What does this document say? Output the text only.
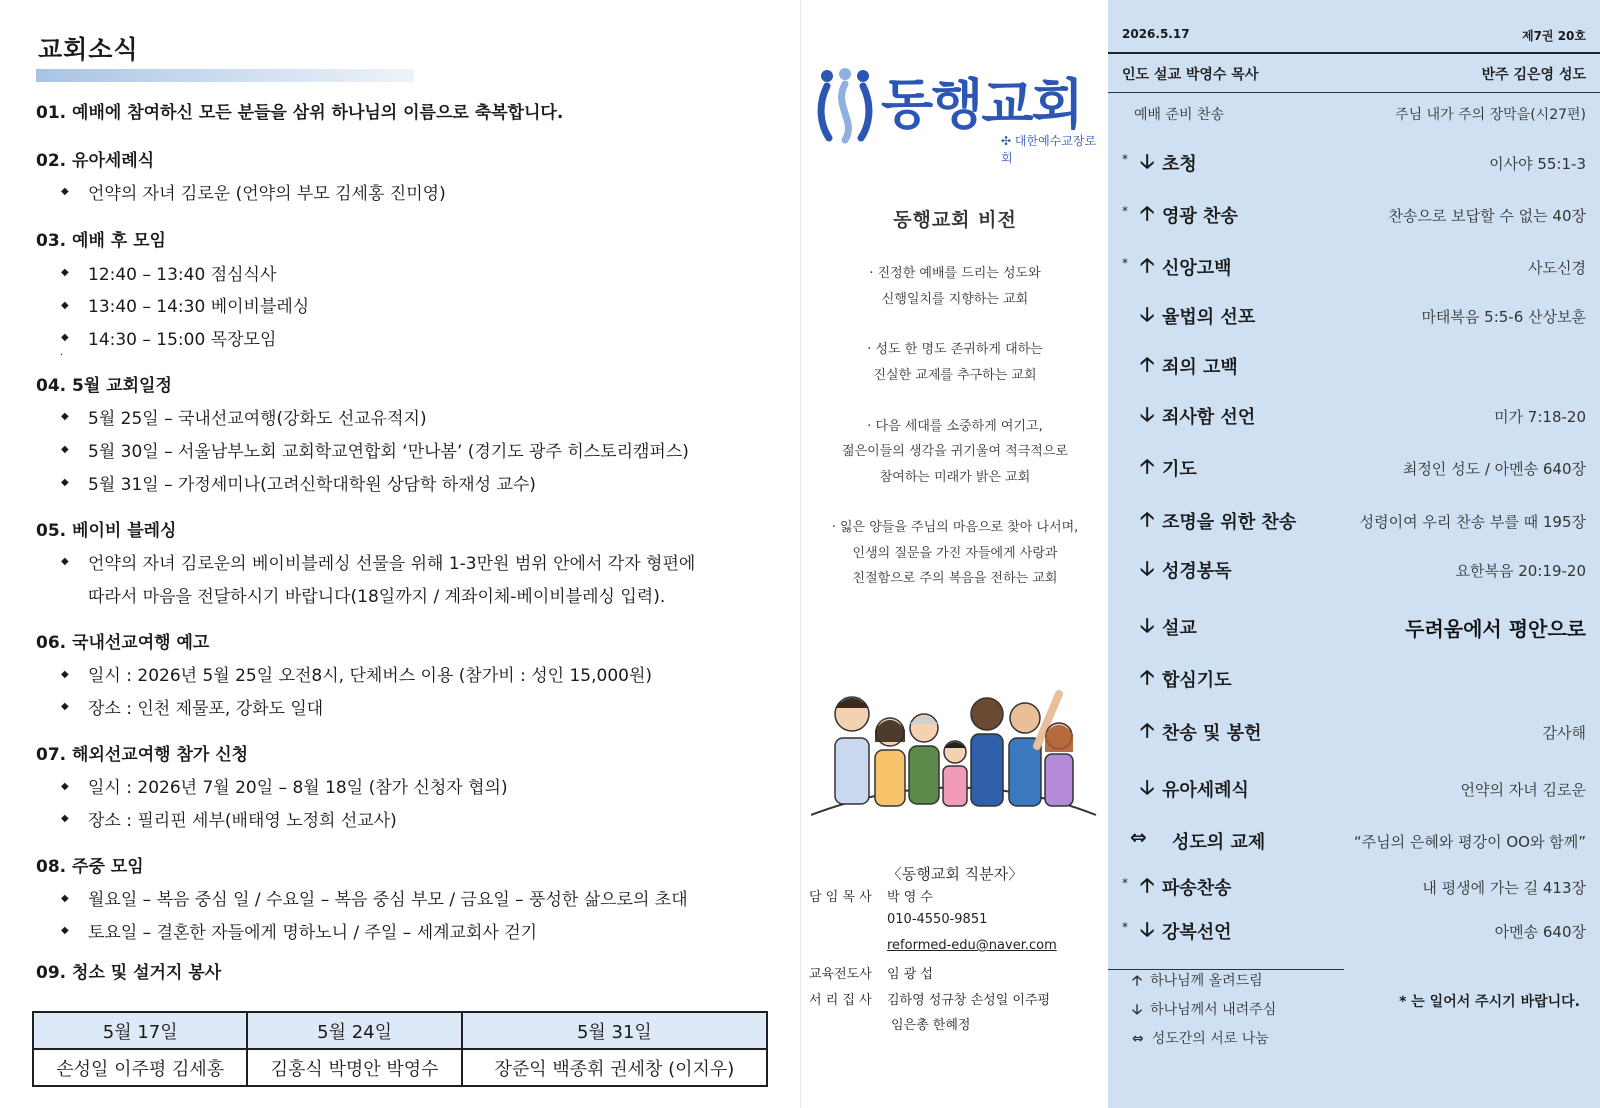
교회소식
01. 예배에 참여하신 모든 분들을 삼위 하나님의 이름으로 축복합니다.
02. 유아세례식
◆ 언약의 자녀 김로운 (언약의 부모 김세홍 진미영)
03. 예배 후 모임
◆ 12:40 – 13:40 점심식사
◆ 13:40 – 14:30 베이비블레싱
◆ 14:30 – 15:00 목장모임
·
04. 5월 교회일정
◆ 5월 25일 – 국내선교여행(강화도 선교유적지)
◆ 5월 30일 – 서울남부노회 교회학교연합회 ‘만나봄’ (경기도 광주 히스토리캠퍼스)
◆ 5월 31일 – 가정세미나(고려신학대학원 상담학 하재성 교수)
05. 베이비 블레싱
◆ 언약의 자녀 김로운의 베이비블레싱 선물을 위해 1-3만원 범위 안에서 각자 형편에
따라서 마음을 전달하시기 바랍니다(18일까지 / 계좌이체-베이비블레싱 입력).
06. 국내선교여행 예고
◆ 일시 : 2026년 5월 25일 오전8시, 단체버스 이용 (참가비 : 성인 15,000원)
◆ 장소 : 인천 제물포, 강화도 일대
07. 해외선교여행 참가 신청
◆ 일시 : 2026년 7월 20일 – 8월 18일 (참가 신청자 협의)
◆ 장소 : 필리핀 세부(배태영 노정희 선교사)
08. 주중 모임
◆ 월요일 – 복음 중심 일 / 수요일 – 복음 중심 부모 / 금요일 – 풍성한 삶으로의 초대
◆ 토요일 – 결혼한 자들에게 명하노니 / 주일 – 세계교회사 걷기
09. 청소 및 설거지 봉사
5월 17일	5월 24일	5월 31일
손성일 이주평 김세홍	김홍식 박명안 박영수	장준익 백종휘 권세창 (이지우)
동행교회
✣ 대한예수교장로회
동행교회 비전
· 진정한 예배를 드리는 성도와
신행일치를 지향하는 교회
· 성도 한 명도 존귀하게 대하는
진실한 교제를 추구하는 교회
· 다음 세대를 소중하게 여기고,
젊은이들의 생각을 귀기울여 적극적으로
참여하는 미래가 밝은 교회
· 잃은 양들을 주님의 마음으로 찾아 나서며,
인생의 질문을 가진 자들에게 사랑과
친절함으로 주의 복음을 전하는 교회
〈동행교회 직분자〉
담 임 목 사 박 영 수
010-4550-9851
reformed-edu@naver.com
교육전도사 임 광 섭
서 리 집 사 김하영 성규창 손성일 이주평
임은총 한혜정
2026.5.17	제7권 20호
인도 설교 박영수 목사	반주 김은영 성도
예배 준비 찬송	주님 내가 주의 장막을(시27편)
* 🡣 초청	이사야 55:1-3
* 🡡 영광 찬송	찬송으로 보답할 수 없는 40장
* 🡡 신앙고백	사도신경
🡣 율법의 선포	마태복음 5:5-6 산상보훈
🡡 죄의 고백
🡣 죄사함 선언	미가 7:18-20
🡡 기도	최정인 성도 / 아멘송 640장
🡡 조명을 위한 찬송	성령이여 우리 찬송 부를 때 195장
🡣 성경봉독	요한복음 20:19-20
🡣 설교	두려움에서 평안으로
🡡 합심기도
🡡 찬송 및 봉헌	감사해
🡣 유아세례식	언약의 자녀 김로운
⇔ 성도의 교제	“주님의 은혜와 평강이 OO와 함께”
* 🡡 파송찬송	내 평생에 가는 길 413장
* 🡣 강복선언	아멘송 640장
🡡 하나님께 올려드림
🡣 하나님께서 내려주심
⇔ 성도간의 서로 나눔
* 는 일어서 주시기 바랍니다.
